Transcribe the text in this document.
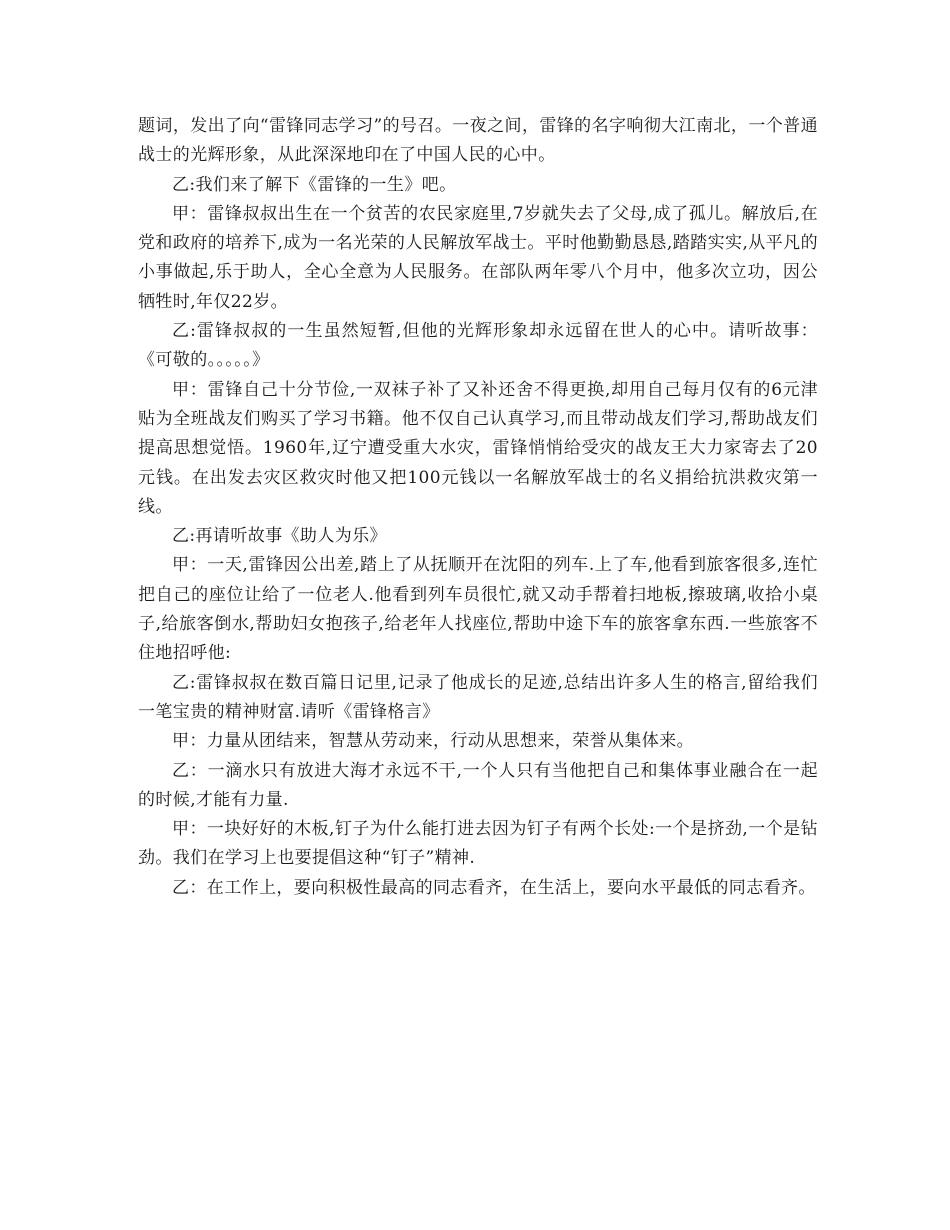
题词，发出了向“雷锋同志学习”的号召。一夜之间，雷锋的名字响彻大江南北，一个普通战士的光辉形象，从此深深地印在了中国人民的心中。

乙:我们来了解下《雷锋的一生》吧。

甲：雷锋叔叔出生在一个贫苦的农民家庭里,7岁就失去了父母,成了孤儿。解放后,在党和政府的培养下,成为一名光荣的人民解放军战士。平时他勤勤恳恳,踏踏实实,从平凡的小事做起,乐于助人，全心全意为人民服务。在部队两年零八个月中，他多次立功，因公牺牲时,年仅22岁。

乙:雷锋叔叔的一生虽然短暂,但他的光辉形象却永远留在世人的心中。请听故事：《可敬的。。。。。》

甲：雷锋自己十分节俭,一双袜子补了又补还舍不得更换,却用自己每月仅有的6元津贴为全班战友们购买了学习书籍。他不仅自己认真学习,而且带动战友们学习,帮助战友们提高思想觉悟。1960年,辽宁遭受重大水灾，雷锋悄悄给受灾的战友王大力家寄去了20元钱。在出发去灾区救灾时他又把100元钱以一名解放军战士的名义捐给抗洪救灾第一线。

乙:再请听故事《助人为乐》

甲：一天,雷锋因公出差,踏上了从抚顺开在沈阳的列车.上了车,他看到旅客很多,连忙把自己的座位让给了一位老人.他看到列车员很忙,就又动手帮着扫地板,擦玻璃,收拾小桌子,给旅客倒水,帮助妇女抱孩子,给老年人找座位,帮助中途下车的旅客拿东西.一些旅客不住地招呼他:

乙:雷锋叔叔在数百篇日记里,记录了他成长的足迹,总结出许多人生的格言,留给我们一笔宝贵的精神财富.请听《雷锋格言》

甲：力量从团结来，智慧从劳动来，行动从思想来，荣誉从集体来。

乙：一滴水只有放进大海才永远不干,一个人只有当他把自己和集体事业融合在一起的时候,才能有力量.

甲：一块好好的木板,钉子为什么能打进去因为钉子有两个长处:一个是挤劲,一个是钻劲。我们在学习上也要提倡这种“钉子”精神.

乙：在工作上，要向积极性最高的同志看齐，在生活上，要向水平最低的同志看齐。
